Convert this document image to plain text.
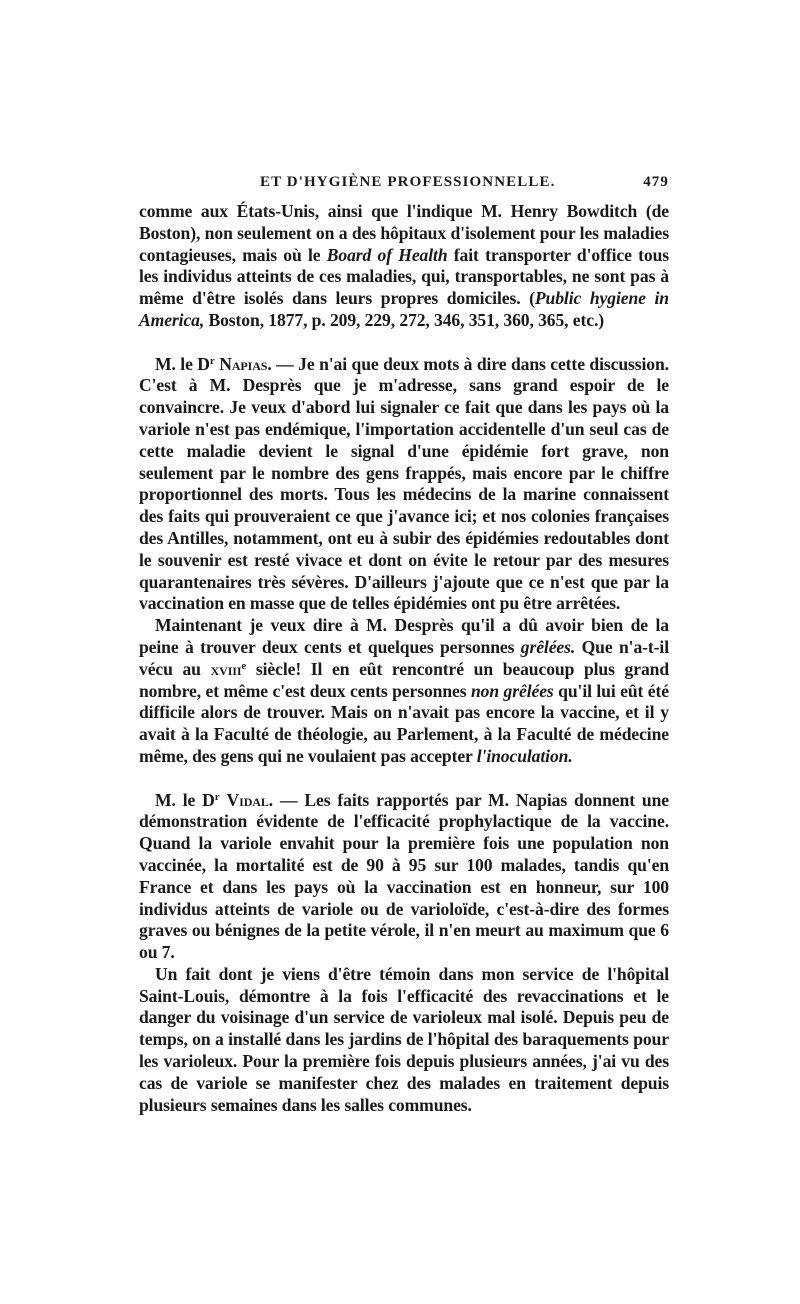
ET D'HYGIÈNE PROFESSIONNELLE.	479

comme aux États-Unis, ainsi que l'indique M. Henry Bowditch (de Boston), non seulement on a des hôpitaux d'isolement pour les maladies contagieuses, mais où le Board of Health fait transporter d'office tous les individus atteints de ces maladies, qui, transportables, ne sont pas à même d'être isolés dans leurs propres domiciles. (Public hygiene in America, Boston, 1877, p. 209, 229, 272, 346, 351, 360, 365, etc.)

M. le $D^r$ Napias. — Je n'ai que deux mots à dire dans cette discussion. C'est à M. Desprès que je m'adresse, sans grand espoir de le convaincre. Je veux d'abord lui signaler ce fait que dans les pays où la variole n'est pas endémique, l'importation accidentelle d'un seul cas de cette maladie devient le signal d'une épidémie fort grave, non seulement par le nombre des gens frappés, mais encore par le chiffre proportionnel des morts. Tous les médecins de la marine connaissent des faits qui prouveraient ce que j'avance ici; et nos colonies françaises des Antilles, notamment, ont eu à subir des épidémies redoutables dont le souvenir est resté vivace et dont on évite le retour par des mesures quarantenaires très sévères. D'ailleurs j'ajoute que ce n'est que par la vaccination en masse que de telles épidémies ont pu être arrêtées.

Maintenant je veux dire à M. Desprès qu'il a dû avoir bien de la peine à trouver deux cents et quelques personnes grêlées. Que n'a-t-il vécu au xviii$^e$ siècle! Il en eût rencontré un beaucoup plus grand nombre, et même c'est deux cents personnes non grêlées qu'il lui eût été difficile alors de trouver. Mais on n'avait pas encore la vaccine, et il y avait à la Faculté de théologie, au Parlement, à la Faculté de médecine même, des gens qui ne voulaient pas accepter l'inoculation.

M. le $D^r$ Vidal. — Les faits rapportés par M. Napias donnent une démonstration évidente de l'efficacité prophylactique de la vaccine. Quand la variole envahit pour la première fois une population non vaccinée, la mortalité est de 90 à 95 sur 100 malades, tandis qu'en France et dans les pays où la vaccination est en honneur, sur 100 individus atteints de variole ou de varioloïde, c'est-à-dire des formes graves ou bénignes de la petite vérole, il n'en meurt au maximum que 6 ou 7.

Un fait dont je viens d'être témoin dans mon service de l'hôpital Saint-Louis, démontre à la fois l'efficacité des revaccinations et le danger du voisinage d'un service de varioleux mal isolé. Depuis peu de temps, on a installé dans les jardins de l'hôpital des baraquements pour les varioleux. Pour la première fois depuis plusieurs années, j'ai vu des cas de variole se manifester chez des malades en traitement depuis plusieurs semaines dans les salles communes.
